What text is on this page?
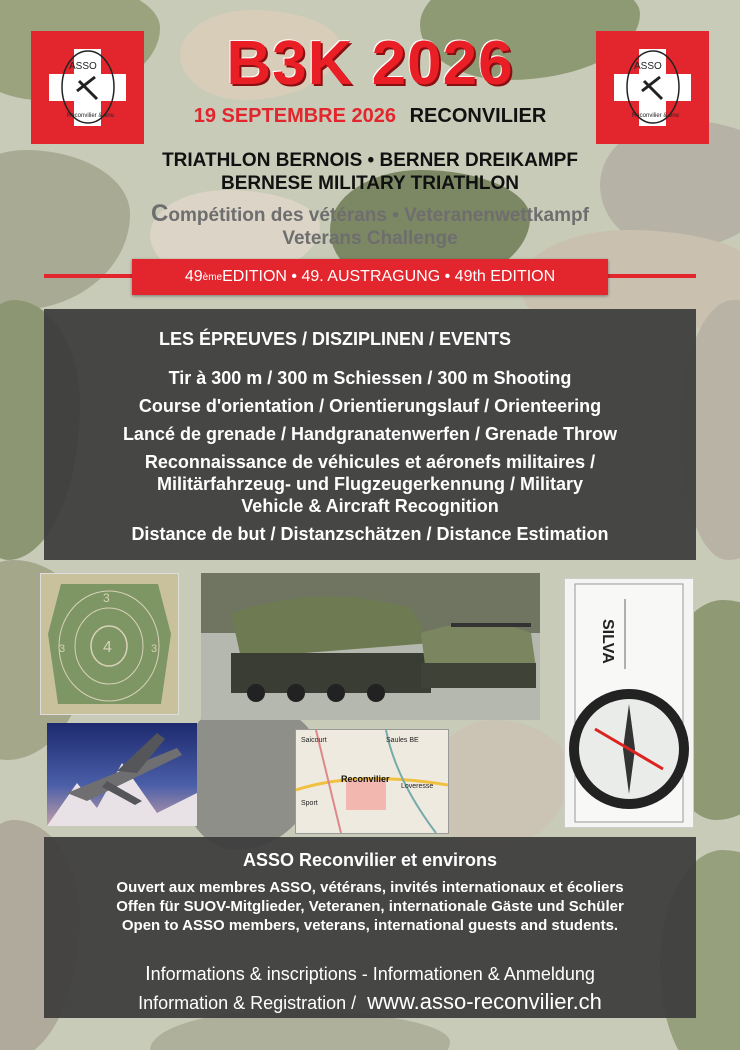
ASSO
Reconvilier & env.
ASSO
Reconvilier & env.
B3K 2026
19 SEPTEMBRE 2026 RECONVILIER
TRIATHLON BERNOIS • BERNER DREIKAMPF
BERNESE MILITARY TRIATHLON
Compétition des vétérans • Veteranenwettkampf
Veterans Challenge
49 ème EDITION • 49. AUSTRAGUNG • 49th EDITION
LES ÉPREUVES / DISZIPLINEN / EVENTS
Tir à 300 m / 300 m Schiessen / 300 m Shooting
Course d'orientation / Orientierungslauf / Orienteering
Lancé de grenade / Handgranatenwerfen / Grenade Throw
Reconnaissance de véhicules et aéronefs militaires /
Militärfahrzeug- und Flugzeugerkennung / Military
Vehicle & Aircraft Recognition
Distance de but / Distanzschätzen / Distance Estimation
3
4
3	3	SILVA
Saicourt	Saules BE
Reconvilier
Loveresse
Sport
ASSO Reconvilier et environs
Ouvert aux membres ASSO, vétérans, invités internationaux et écoliers
Offen für SUOV-Mitglieder, Veteranen, internationale Gäste und Schüler
Open to ASSO members, veterans, international guests and students.
Informations & inscriptions - Informationen & Anmeldung
Information & Registration / www.asso-reconvilier.ch
